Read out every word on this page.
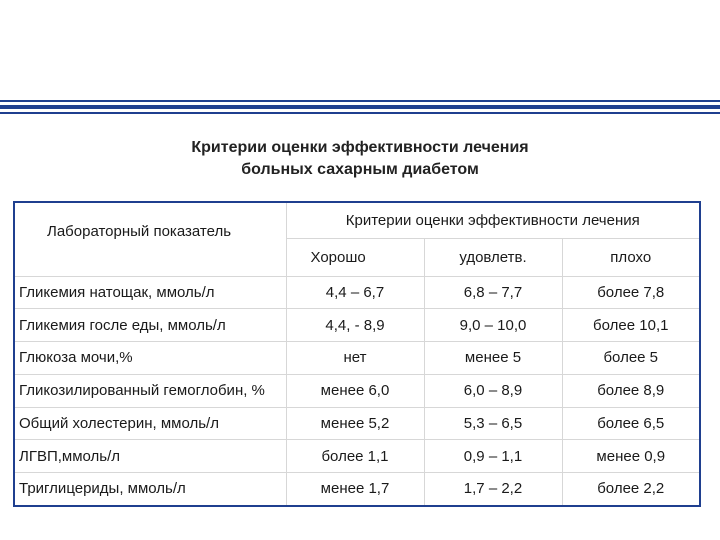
Критерии оценки эффективности лечения
больных сахарным диабетом
Лабораторный показатель	Критерии оценки эффективности лечения		
	Хорошо	удовлетв.	плохо
Гликемия натощак, ммоль/л	4,4 – 6,7	6,8 – 7,7	более 7,8
Гликемия госле еды, ммоль/л	4,4, - 8,9	9,0 – 10,0	более 10,1
Глюкоза мочи,%	нет	менее 5	более 5
Гликозилированный гемоглобин, %	менее 6,0	6,0 – 8,9	более 8,9
Общий холестерин, ммоль/л	менее 5,2	5,3 – 6,5	более 6,5
ЛГВП,ммоль/л	более 1,1	0,9 – 1,1	менее 0,9
Триглицериды, ммоль/л	менее 1,7	1,7 – 2,2	более 2,2
